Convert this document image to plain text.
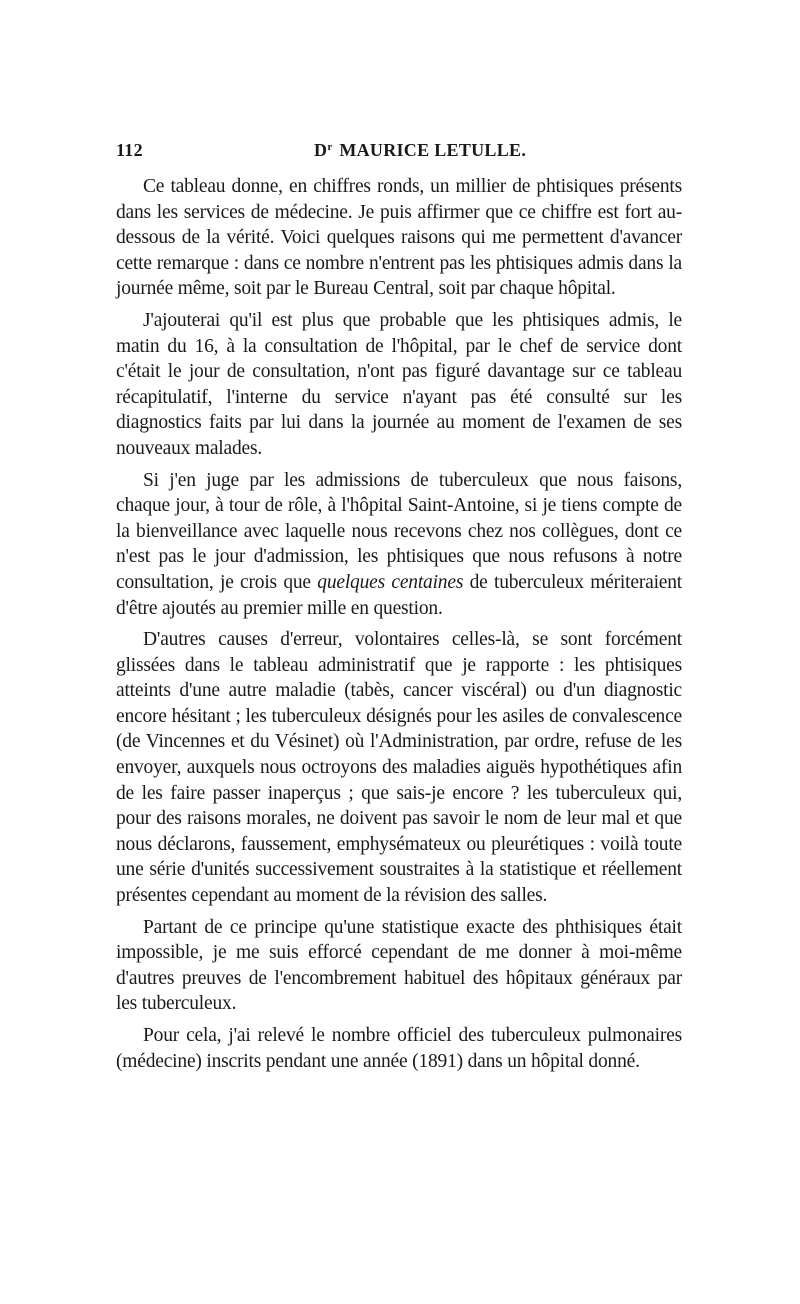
112	$D^r$ MAURICE LETULLE.

Ce tableau donne, en chiffres ronds, un millier de phtisiques présents dans les services de médecine. Je puis affirmer que ce chiffre est fort au-dessous de la vérité. Voici quelques raisons qui me permettent d'avancer cette remarque : dans ce nombre n'entrent pas les phtisiques admis dans la journée même, soit par le Bureau Central, soit par chaque hôpital.

J'ajouterai qu'il est plus que probable que les phtisiques admis, le matin du 16, à la consultation de l'hôpital, par le chef de service dont c'était le jour de consultation, n'ont pas figuré davantage sur ce tableau récapitulatif, l'interne du service n'ayant pas été consulté sur les diagnostics faits par lui dans la journée au moment de l'examen de ses nouveaux malades.

Si j'en juge par les admissions de tuberculeux que nous faisons, chaque jour, à tour de rôle, à l'hôpital Saint-Antoine, si je tiens compte de la bienveillance avec laquelle nous recevons chez nos collègues, dont ce n'est pas le jour d'admission, les phtisiques que nous refusons à notre consultation, je crois que quelques centaines de tuberculeux mériteraient d'être ajoutés au premier mille en question.

D'autres causes d'erreur, volontaires celles-là, se sont forcément glissées dans le tableau administratif que je rapporte : les phtisiques atteints d'une autre maladie (tabès, cancer viscéral) ou d'un diagnostic encore hésitant ; les tuberculeux désignés pour les asiles de convalescence (de Vincennes et du Vésinet) où l'Administration, par ordre, refuse de les envoyer, auxquels nous octroyons des maladies aiguës hypothétiques afin de les faire passer inaperçus ; que sais-je encore ? les tuberculeux qui, pour des raisons morales, ne doivent pas savoir le nom de leur mal et que nous déclarons, faussement, emphysémateux ou pleurétiques : voilà toute une série d'unités successivement soustraites à la statistique et réellement présentes cependant au moment de la révision des salles.

Partant de ce principe qu'une statistique exacte des phthisiques était impossible, je me suis efforcé cependant de me donner à moi-même d'autres preuves de l'encombrement habituel des hôpitaux généraux par les tuberculeux.

Pour cela, j'ai relevé le nombre officiel des tuberculeux pulmonaires (médecine) inscrits pendant une année (1891) dans un hôpital donné.
